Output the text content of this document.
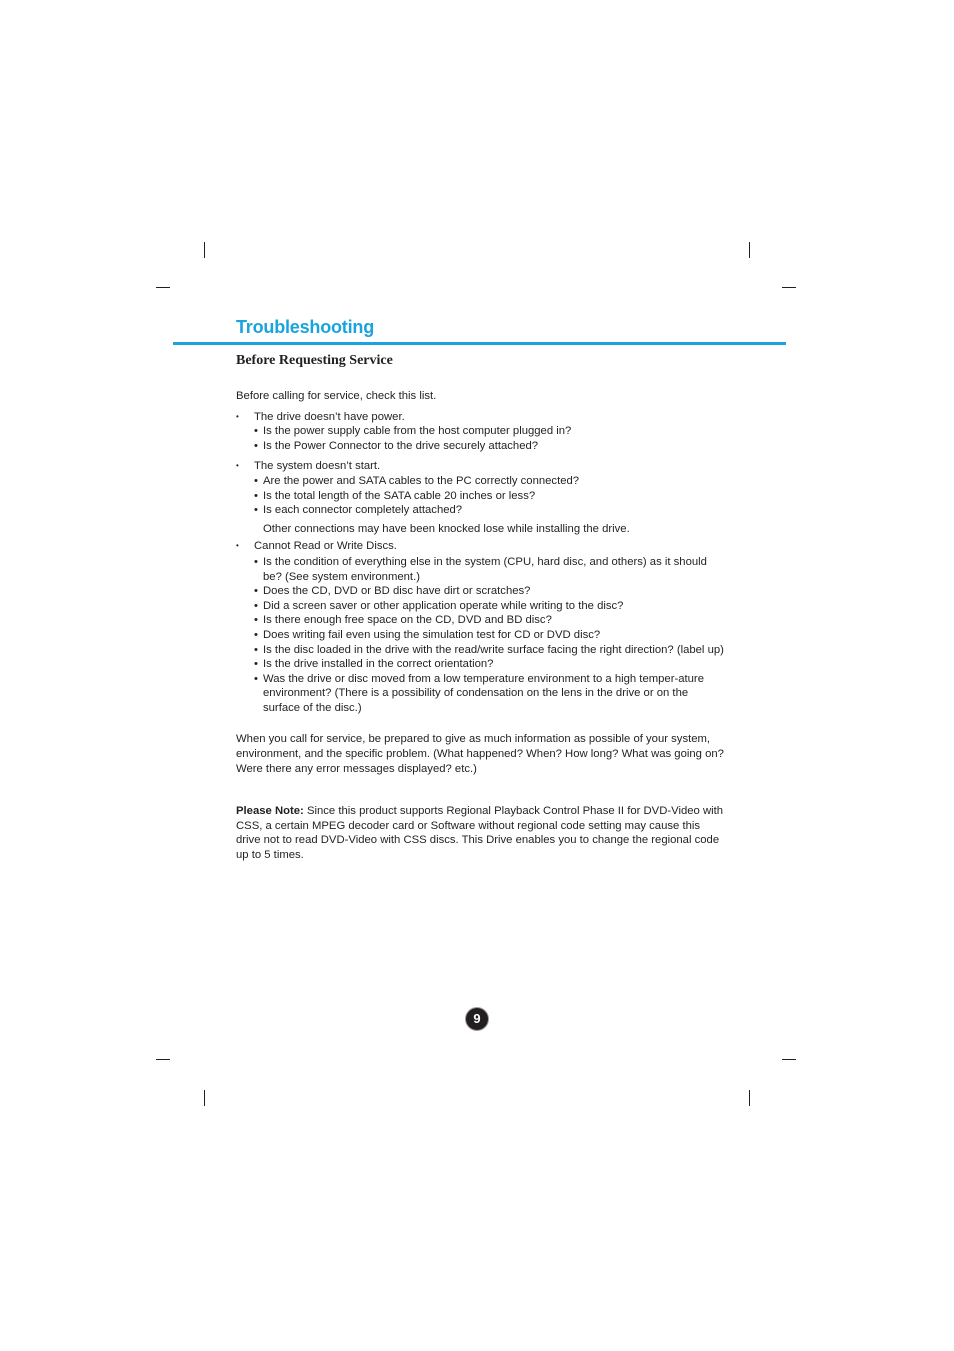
Troubleshooting
Before Requesting Service

Before calling for service, check this list.

• The drive doesn’t have power.
• Is the power supply cable from the host computer plugged in?
• Is the Power Connector to the drive securely attached?
• The system doesn’t start.
• Are the power and SATA cables to the PC correctly connected?
• Is the total length of the SATA cable 20 inches or less?
• Is each connector completely attached?

Other connections may have been knocked lose while installing the drive.

• Cannot Read or Write Discs.
• Is the condition of everything else in the system (CPU, hard disc, and others) as it should be? (See system environment.)
• Does the CD, DVD or BD disc have dirt or scratches?
• Did a screen saver or other application operate while writing to the disc?
• Is there enough free space on the CD, DVD and BD disc?
• Does writing fail even using the simulation test for CD or DVD disc?
• Is the disc loaded in the drive with the read/write surface facing the right direction? (label up)
• Is the drive installed in the correct orientation?
• Was the drive or disc moved from a low temperature environment to a high temper-ature environment? (There is a possibility of condensation on the lens in the drive or on the surface of the disc.)

When you call for service, be prepared to give as much information as possible of your system, environment, and the specific problem. (What happened? When? How long? What was going on? Were there any error messages displayed? etc.)

Please Note: Since this product supports Regional Playback Control Phase II for DVD-Video with CSS, a certain MPEG decoder card or Software without regional code setting may cause this drive not to read DVD-Video with CSS discs. This Drive enables you to change the regional code up to 5 times.

9
